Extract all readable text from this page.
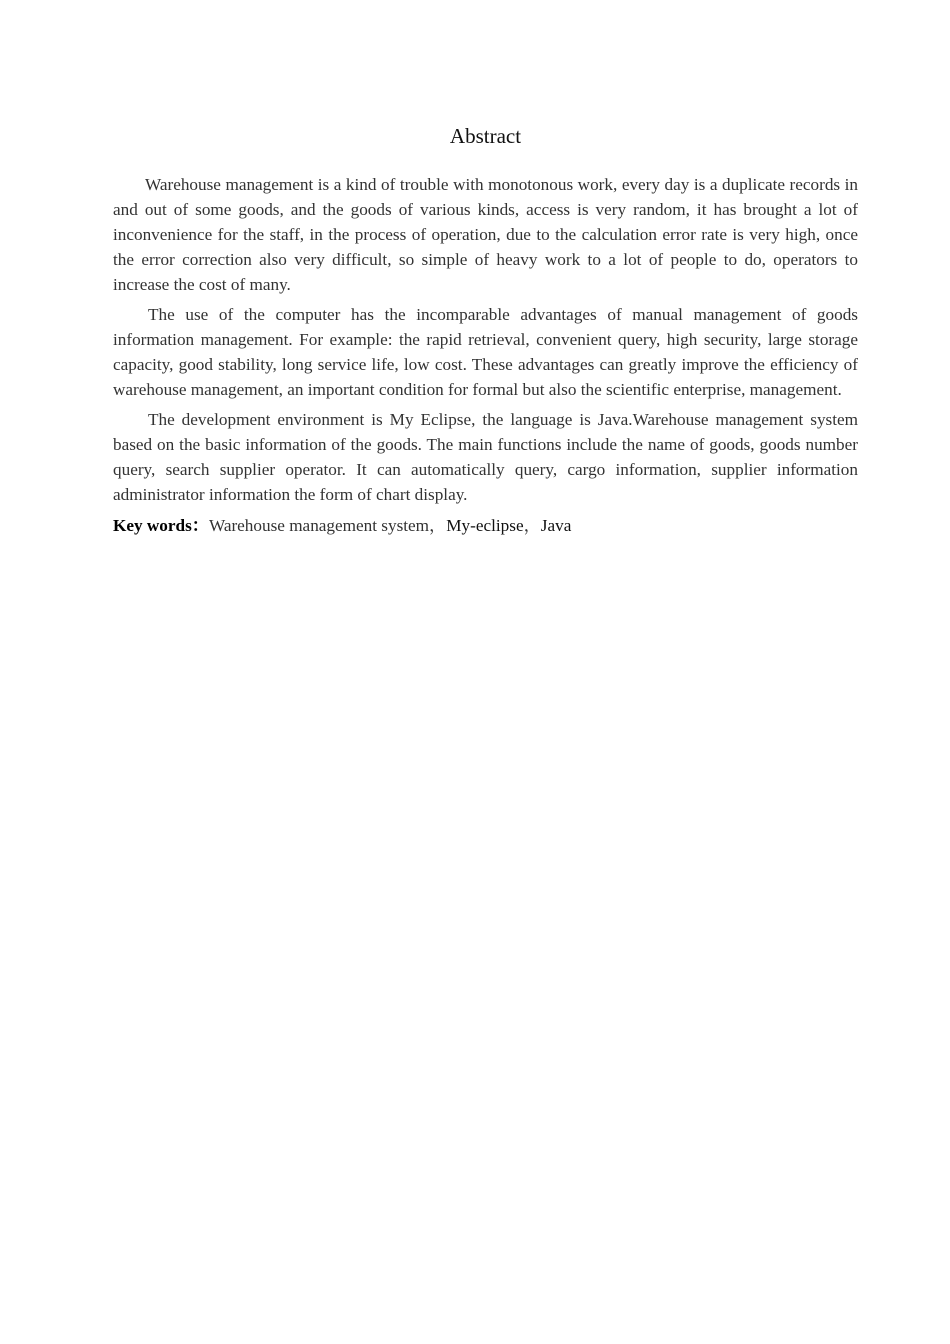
Abstract

Warehouse management is a kind of trouble with monotonous work, every day is a duplicate records in and out of some goods, and the goods of various kinds, access is very random, it has brought a lot of inconvenience for the staff, in the process of operation, due to the calculation error rate is very high, once the error correction also very difficult, so simple of heavy work to a lot of people to do, operators to increase the cost of many.

The use of the computer has the incomparable advantages of manual management of goods information management. For example: the rapid retrieval, convenient query, high security, large storage capacity, good stability, long service life, low cost. These advantages can greatly improve the efficiency of warehouse management, an important condition for formal but also the scientific enterprise, management.

The development environment is My Eclipse, the language is Java.Warehouse management system based on the basic information of the goods. The main functions include the name of goods, goods number query, search supplier operator. It can automatically query, cargo information, supplier information administrator information the form of chart display.

Key words：Warehouse management system，My-eclipse，Java
